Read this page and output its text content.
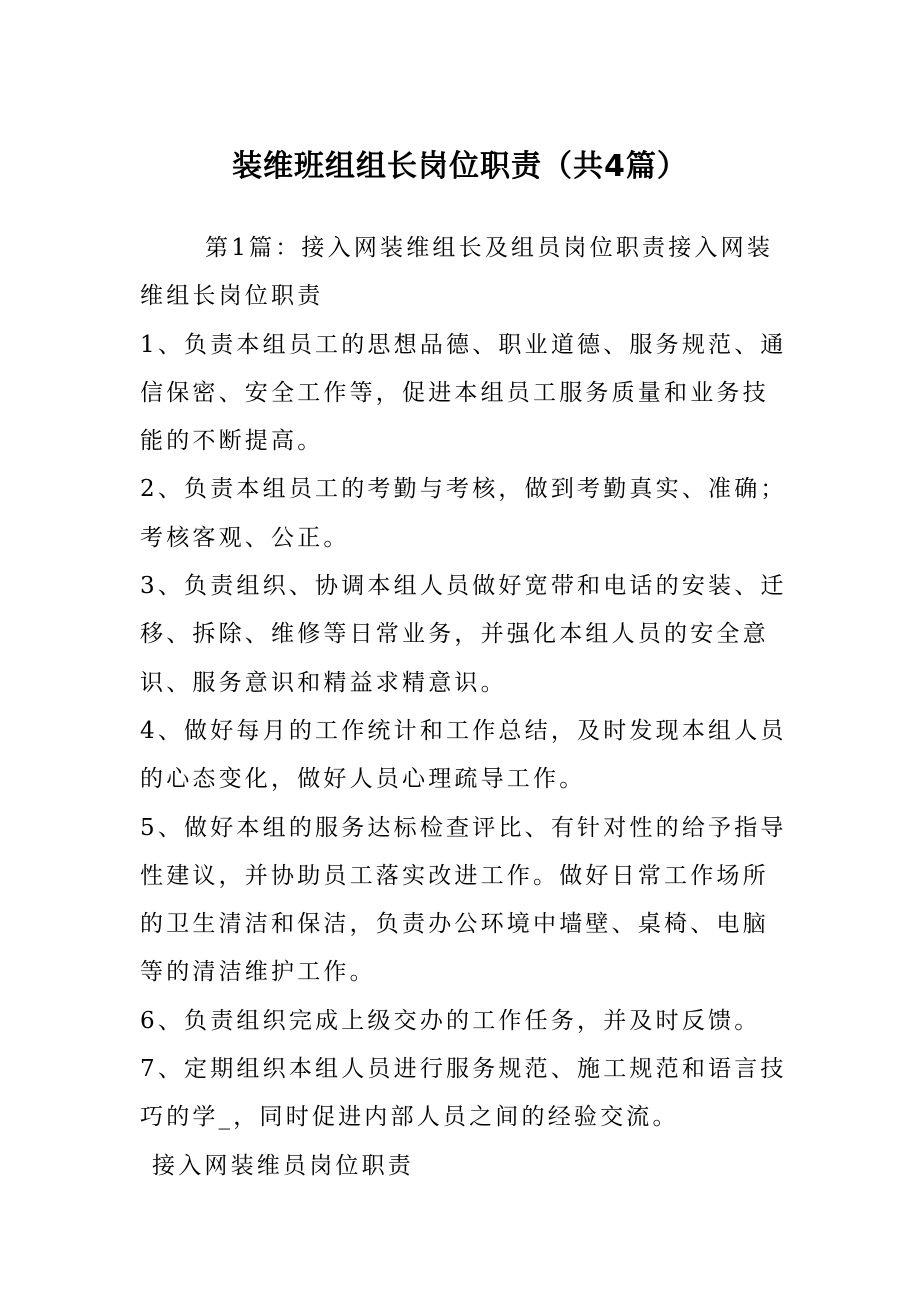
装维班组组长岗位职责（共4篇）

第1篇：接入网装维组长及组员岗位职责接入网装维组长岗位职责

1、负责本组员工的思想品德、职业道德、服务规范、通信保密、安全工作等，促进本组员工服务质量和业务技能的不断提高。

2、负责本组员工的考勤与考核，做到考勤真实、准确；考核客观、公正。

3、负责组织、协调本组人员做好宽带和电话的安装、迁移、拆除、维修等日常业务，并强化本组人员的安全意识、服务意识和精益求精意识。

4、做好每月的工作统计和工作总结，及时发现本组人员的心态变化，做好人员心理疏导工作。

5、做好本组的服务达标检查评比、有针对性的给予指导性建议，并协助员工落实改进工作。做好日常工作场所的卫生清洁和保洁，负责办公环境中墙壁、桌椅、电脑等的清洁维护工作。

6、负责组织完成上级交办的工作任务，并及时反馈。

7、定期组织本组人员进行服务规范、施工规范和语言技巧的学_，同时促进内部人员之间的经验交流。

接入网装维员岗位职责
